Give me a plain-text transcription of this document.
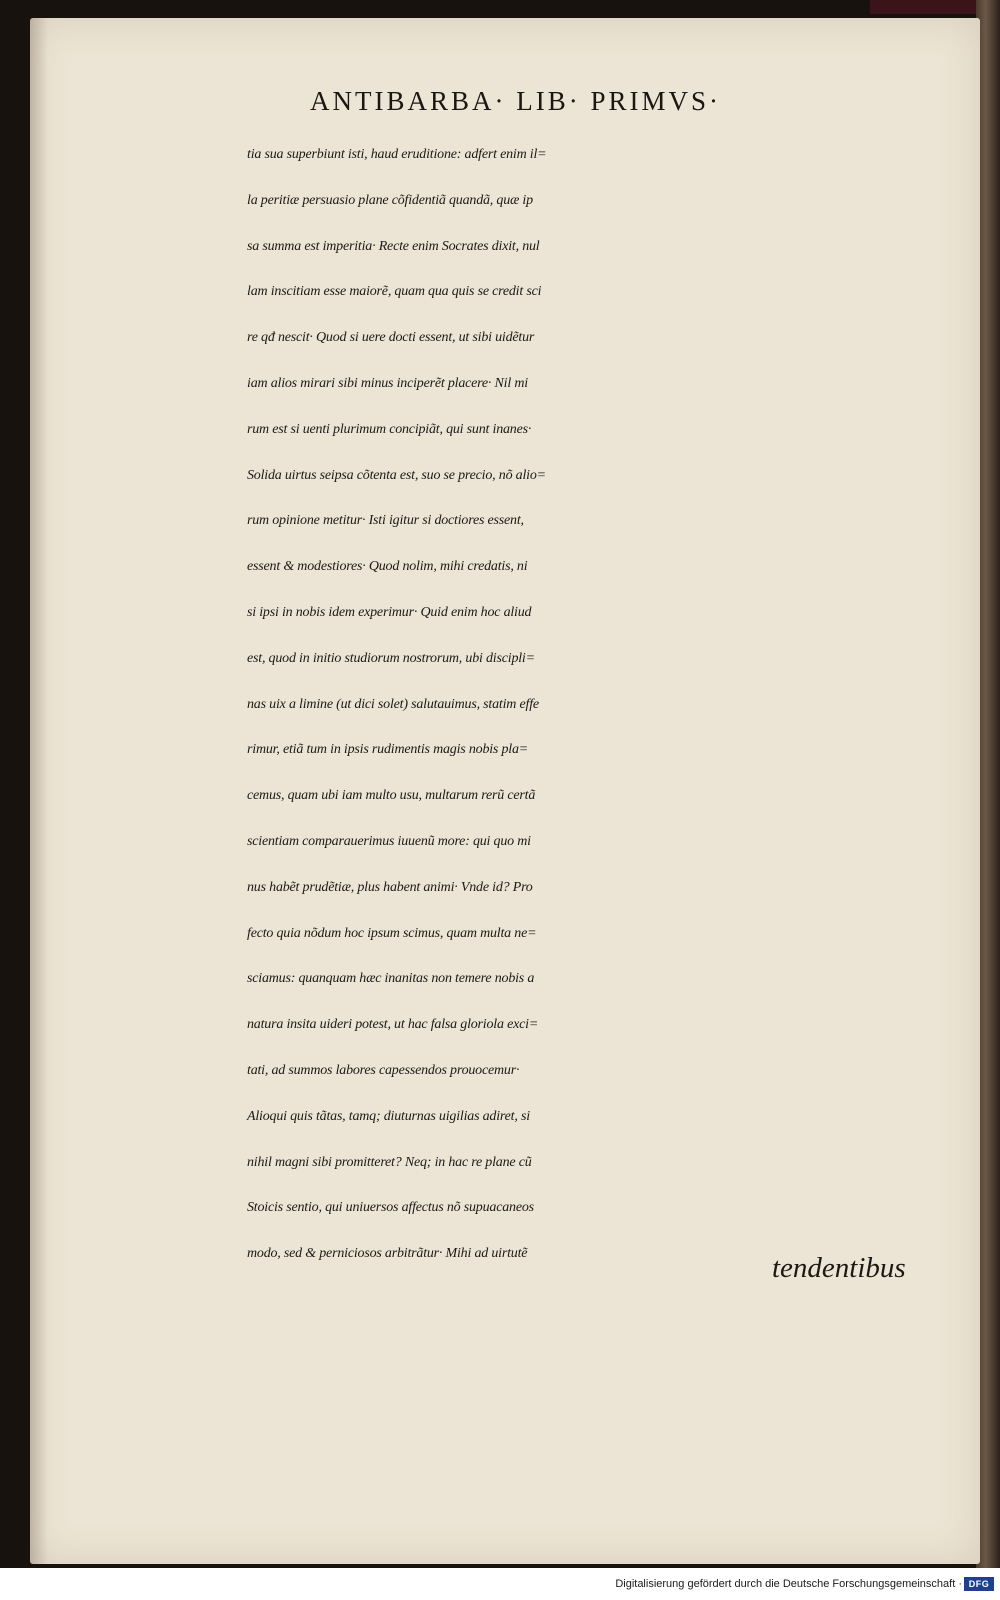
ANTIBARBA· LIB· PRIMVS·
tia sua superbiunt isti, haud eruditione: adfert enim il=
la peritiæ persuasio plane cõfidentiã quandã, quæ ip
sa summa est imperitia· Recte enim Socrates dixit, nul
lam inscitiam esse maiorẽ, quam qua quis se credit sci
re qđ nescit· Quod si uere docti essent, ut sibi uidẽtur
iam alios mirari sibi minus inciperẽt placere· Nil mi
rum est si uenti plurimum concipiãt, qui sunt inanes·
Solida uirtus seipsa cõtenta est, suo se precio, nõ alio=
rum opinione metitur· Isti igitur si doctiores essent,
essent & modestiores· Quod nolim, mihi credatis, ni
si ipsi in nobis idem experimur· Quid enim hoc aliud
est, quod in initio studiorum nostrorum, ubi discipli=
nas uix a limine (ut dici solet) salutauimus, statim effe
rimur, etiã tum in ipsis rudimentis magis nobis pla=
cemus, quam ubi iam multo usu, multarum rerũ certã
scientiam comparauerimus iuuenũ more: qui quo mi
nus habẽt prudẽtiæ, plus habent animi· Vnde id? Pro
fecto quia nõdum hoc ipsum scimus, quam multa ne=
sciamus: quanquam hæc inanitas non temere nobis a
natura insita uideri potest, ut hac falsa gloriola exci=
tati, ad summos labores capessendos prouocemur·
Alioqui quis tãtas, tamq; diuturnas uigilias adiret, si
nihil magni sibi promitteret? Neq; in hac re plane cũ
Stoicis sentio, qui uniuersos affectus nõ supuacaneos
modo, sed & perniciosos arbitrãtur· Mihi ad uirtutẽ	tendentibus
Digitalisierung gefördert durch die Deutsche Forschungsgemeinschaft · DFG
